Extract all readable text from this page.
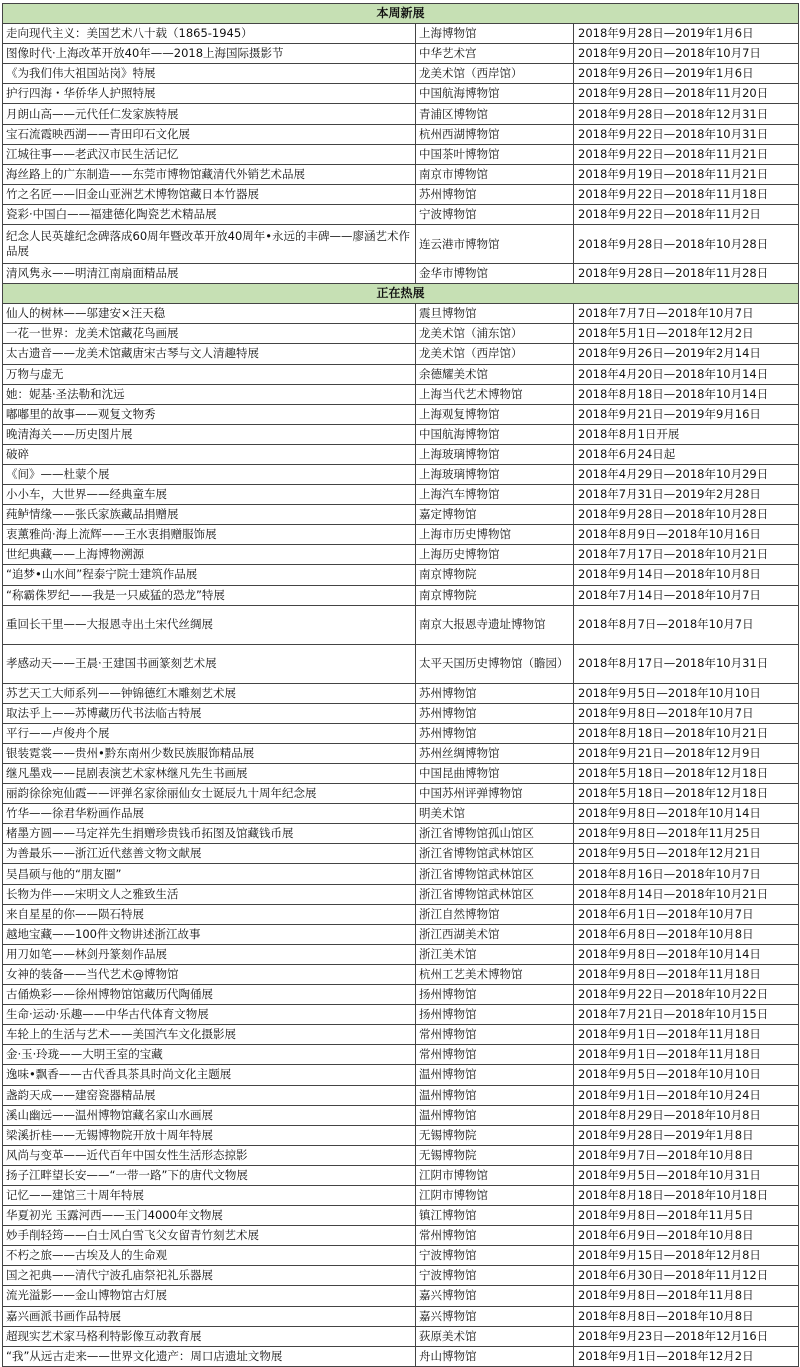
本周新展		
走向现代主义：美国艺术八十载（1865-1945）	上海博物馆	2018年9月28日—2019年1月6日
图像时代·上海改革开放40年——2018上海国际摄影节	中华艺术宫	2018年9月20日—2018年10月7日
《为我们伟大祖国站岗》特展	龙美术馆（西岸馆）	2018年9月26日—2019年1月6日
护行四海・华侨华人护照特展	中国航海博物馆	2018年9月28日—2018年11月20日
月朗山高——元代任仁发家族特展	青浦区博物馆	2018年9月28日—2018年12月31日
宝石流霞映西湖——青田印石文化展	杭州西湖博物馆	2018年9月22日—2018年10月31日
江城往事——老武汉市民生活记忆	中国茶叶博物馆	2018年9月22日—2018年11月21日
海丝路上的广东制造——东莞市博物馆藏清代外销艺术品展	南京市博物馆	2018年9月19日—2018年11月21日
竹之名匠——旧金山亚洲艺术博物馆藏日本竹器展	苏州博物馆	2018年9月22日—2018年11月18日
瓷彩·中国白——福建德化陶瓷艺术精品展	宁波博物馆	2018年9月22日—2018年11月2日
纪念人民英雄纪念碑落成60周年暨改革开放40周年•永远的丰碑——廖涵艺术作品展	连云港市博物馆	2018年9月28日—2018年10月28日
清风隽永——明清江南扇面精品展	金华市博物馆	2018年9月28日—2018年11月28日
正在热展		
仙人的树林——邬建安×汪天稳	震旦博物馆	2018年7月7日—2018年10月7日
一花一世界：龙美术馆藏花鸟画展	龙美术馆（浦东馆）	2018年5月1日—2018年12月2日
太古遗音——龙美术馆藏唐宋古琴与文人清趣特展	龙美术馆（西岸馆）	2018年9月26日—2019年2月14日
万物与虚无	余德耀美术馆	2018年4月20日—2018年10月14日
她：妮基·圣法勒和沈远	上海当代艺术博物馆	2018年8月18日—2018年10月14日
嘟嘟里的故事——观复文物秀	上海观复博物馆	2018年9月21日—2019年9月16日
晚清海关——历史图片展	中国航海博物馆	2018年8月1日开展
破碎	上海玻璃博物馆	2018年6月24日起
《间》——杜蒙个展	上海玻璃博物馆	2018年4月29日—2018年10月29日
小小车，大世界——经典童车展	上海汽车博物馆	2018年7月31日—2019年2月28日
莼鲈情缘——张氏家族藏品捐赠展	嘉定博物馆	2018年9月28日—2018年10月28日
衷薰雅尚·海上流辉——王水衷捐赠服饰展	上海市历史博物馆	2018年8月9日—2018年10月16日
世纪典藏——上海博物溯源	上海历史博物馆	2018年7月17日—2018年10月21日
“追梦•山水间”程泰宁院士建筑作品展	南京博物院	2018年9月14日—2018年10月8日
“称霸侏罗纪——我是一只威猛的恐龙”特展	南京博物院	2018年7月14日—2018年10月7日
重回长干里——大报恩寺出土宋代丝绸展	南京大报恩寺遗址博物馆	2018年8月7日—2018年10月7日
孝感动天——王晨·王建国书画篆刻艺术展	太平天国历史博物馆（瞻园）	2018年8月17日—2018年10月31日
苏艺天工大师系列——钟锦德红木雕刻艺术展	苏州博物馆	2018年9月5日—2018年10月10日
取法乎上——苏博藏历代书法临古特展	苏州博物馆	2018年9月8日—2018年10月7日
平行——卢俊舟个展	苏州博物馆	2018年8月18日—2018年10月21日
银装霓裳——贵州•黔东南州少数民族服饰精品展	苏州丝绸博物馆	2018年9月21日—2018年12月9日
继凡墨戏——昆剧表演艺术家林继凡先生书画展	中国昆曲博物馆	2018年5月18日—2018年12月18日
丽韵徐徐宛仙霞——评弹名家徐丽仙女士诞辰九十周年纪念展	中国苏州评弹博物馆	2018年5月18日—2018年12月18日
竹华——徐君华粉画作品展	明美术馆	2018年9月8日—2018年10月14日
楮墨方圆——马定祥先生捐赠珍贵钱币拓图及馆藏钱币展	浙江省博物馆孤山馆区	2018年9月8日—2018年11月25日
为善最乐——浙江近代慈善文物文献展	浙江省博物馆武林馆区	2018年9月5日—2018年12月21日
吴昌硕与他的“朋友圈”	浙江省博物馆武林馆区	2018年8月16日—2018年10月7日
长物为伴——宋明文人之雅致生活	浙江省博物馆武林馆区	2018年8月14日—2018年10月21日
来自星星的你——陨石特展	浙江自然博物馆	2018年6月1日—2018年10月7日
越地宝藏——100件文物讲述浙江故事	浙江西湖美术馆	2018年6月8日—2018年10月8日
用刀如笔——林剑丹篆刻作品展	浙江美术馆	2018年9月8日—2018年10月14日
女神的装备——当代艺术@博物馆	杭州工艺美术博物馆	2018年9月8日—2018年11月18日
古俑焕彩——徐州博物馆馆藏历代陶俑展	扬州博物馆	2018年9月22日—2018年10月22日
生命·运动·乐趣——中华古代体育文物展	扬州博物馆	2018年7月21日—2018年10月15日
车轮上的生活与艺术——美国汽车文化摄影展	常州博物馆	2018年9月1日—2018年11月18日
金·玉·玲珑——大明王室的宝藏	常州博物馆	2018年9月1日—2018年11月18日
逸味•飘香——古代香具茶具时尚文化主题展	温州博物馆	2018年9月5日—2018年10月10日
盏韵天成——建窑瓷器精品展	温州博物馆	2018年9月1日—2018年10月24日
溪山幽远——温州博物馆藏名家山水画展	温州博物馆	2018年8月29日—2018年10月8日
梁溪折桂——无锡博物院开放十周年特展	无锡博物院	2018年9月28日—2019年1月8日
风尚与变革——近代百年中国女性生活形态掠影	无锡博物院	2018年9月7日—2018年10月8日
扬子江畔望长安——“一带一路”下的唐代文物展	江阴市博物馆	2018年9月5日—2018年10月31日
记忆——建馆三十周年特展	江阴市博物馆	2018年8月18日—2018年10月18日
华夏初光 玉露河西——玉门4000年文物展	镇江博物馆	2018年9月8日—2018年11月5日
妙手削轻筠——白士风白雪飞父女留青竹刻艺术展	常州博物馆	2018年6月9日—2018年10月8日
不朽之旅——古埃及人的生命观	宁波博物馆	2018年9月15日—2018年12月8日
国之祀典——清代宁波孔庙祭祀礼乐器展	宁波博物馆	2018年6月30日—2018年11月12日
流光溢影——金山博物馆古灯展	嘉兴博物馆	2018年9月8日—2018年11月8日
嘉兴画派书画作品特展	嘉兴博物馆	2018年8月8日—2018年10月8日
超现实艺术家马格利特影像互动教育展	荻原美术馆	2018年9月23日—2018年12月16日
“我”从远古走来——世界文化遗产：周口店遗址文物展	舟山博物馆	2018年9月1日—2018年12月2日
